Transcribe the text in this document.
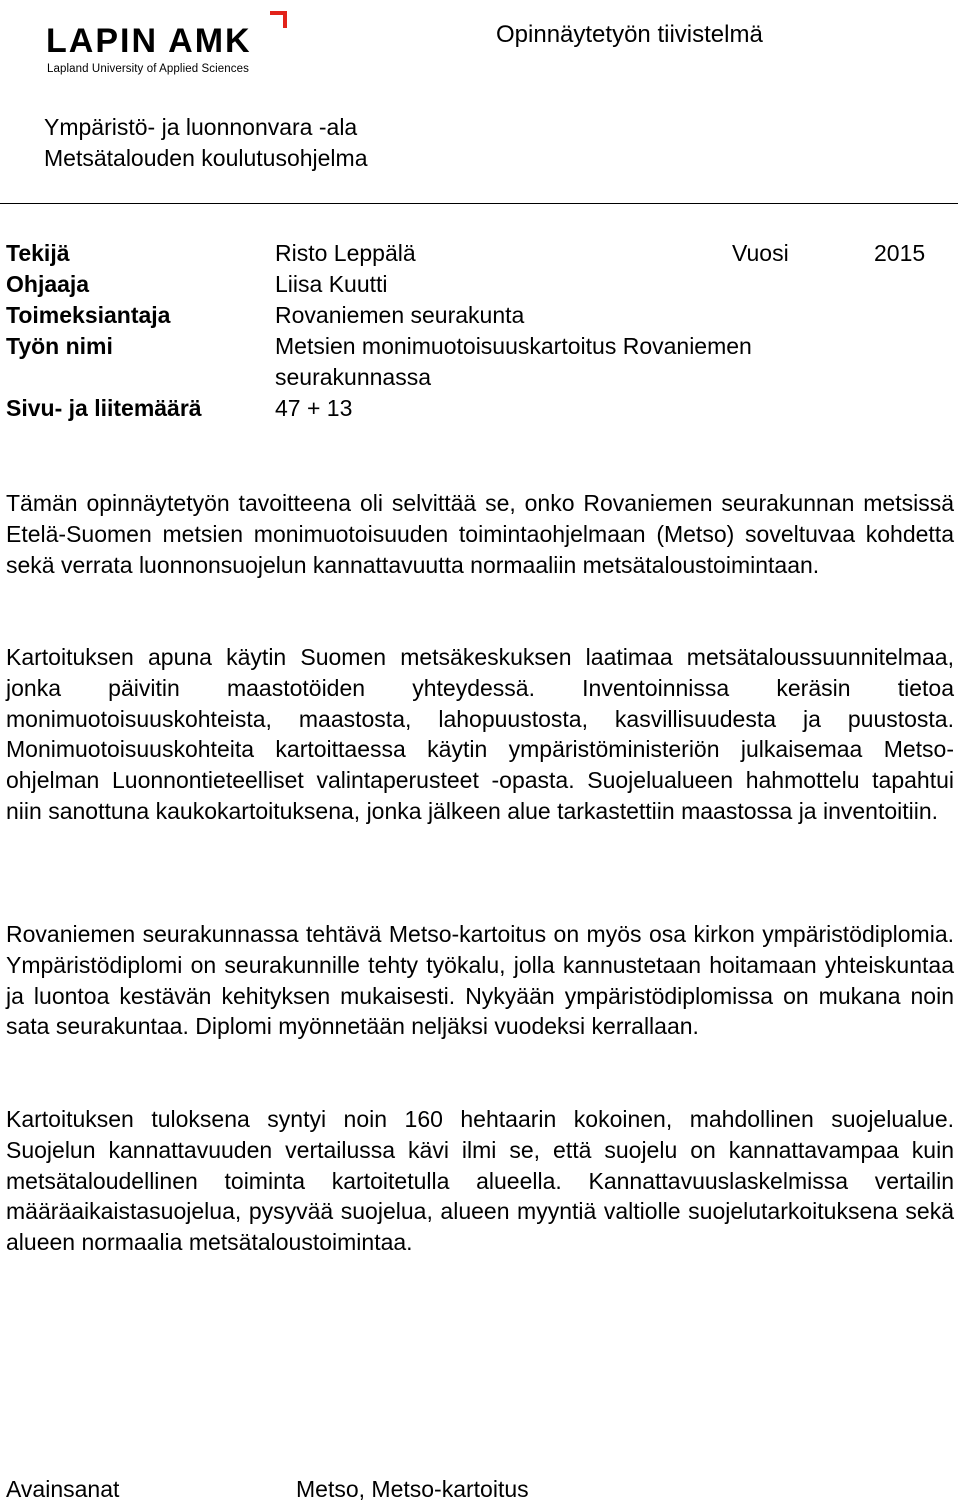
LAPIN AMK
Lapland University of Applied Sciences
Opinnäytetyön tiivistelmä
Ympäristö- ja luonnonvara -ala
Metsätalouden koulutusohjelma
Tekijä	Risto Leppälä	Vuosi	2015
Ohjaaja	Liisa Kuutti
Toimeksiantaja	Rovaniemen seurakunta
Työn nimi	Metsien monimuotoisuuskartoitus Rovaniemen
seurakunnassa
Sivu- ja liitemäärä	47 + 13

Tämän opinnäytetyön tavoitteena oli selvittää se, onko Rovaniemen seurakunnan metsissä Etelä-Suomen metsien monimuotoisuuden toimintaohjelmaan (Metso) soveltuvaa kohdetta sekä verrata luonnonsuojelun kannattavuutta normaaliin metsätaloustoimintaan.

Kartoituksen apuna käytin Suomen metsäkeskuksen laatimaa metsätaloussuunnitelmaa, jonka päivitin maastotöiden yhteydessä. Inventoinnissa keräsin tietoa monimuotoisuuskohteista, maastosta, lahopuustosta, kasvillisuudesta ja puustosta. Monimuotoisuuskohteita kartoittaessa käytin ympäristöministeriön julkaisemaa Metso-ohjelman Luonnontieteelliset valintaperusteet -opasta. Suojelualueen hahmottelu tapahtui niin sanottuna kaukokartoituksena, jonka jälkeen alue tarkastettiin maastossa ja inventoitiin.

Rovaniemen seurakunnassa tehtävä Metso-kartoitus on myös osa kirkon ympäristödiplomia. Ympäristödiplomi on seurakunnille tehty työkalu, jolla kannustetaan hoitamaan yhteiskuntaa ja luontoa kestävän kehityksen mukaisesti. Nykyään ympäristödiplomissa on mukana noin sata seurakuntaa. Diplomi myönnetään neljäksi vuodeksi kerrallaan.

Kartoituksen tuloksena syntyi noin 160 hehtaarin kokoinen, mahdollinen suojelualue. Suojelun kannattavuuden vertailussa kävi ilmi se, että suojelu on kannattavampaa kuin metsätaloudellinen toiminta kartoitetulla alueella. Kannattavuuslaskelmissa vertailin määräaikaistasuojelua, pysyvää suojelua, alueen myyntiä valtiolle suojelutarkoituksena sekä alueen normaalia metsätaloustoimintaa.

Avainsanat	Metso, Metso-kartoitus
